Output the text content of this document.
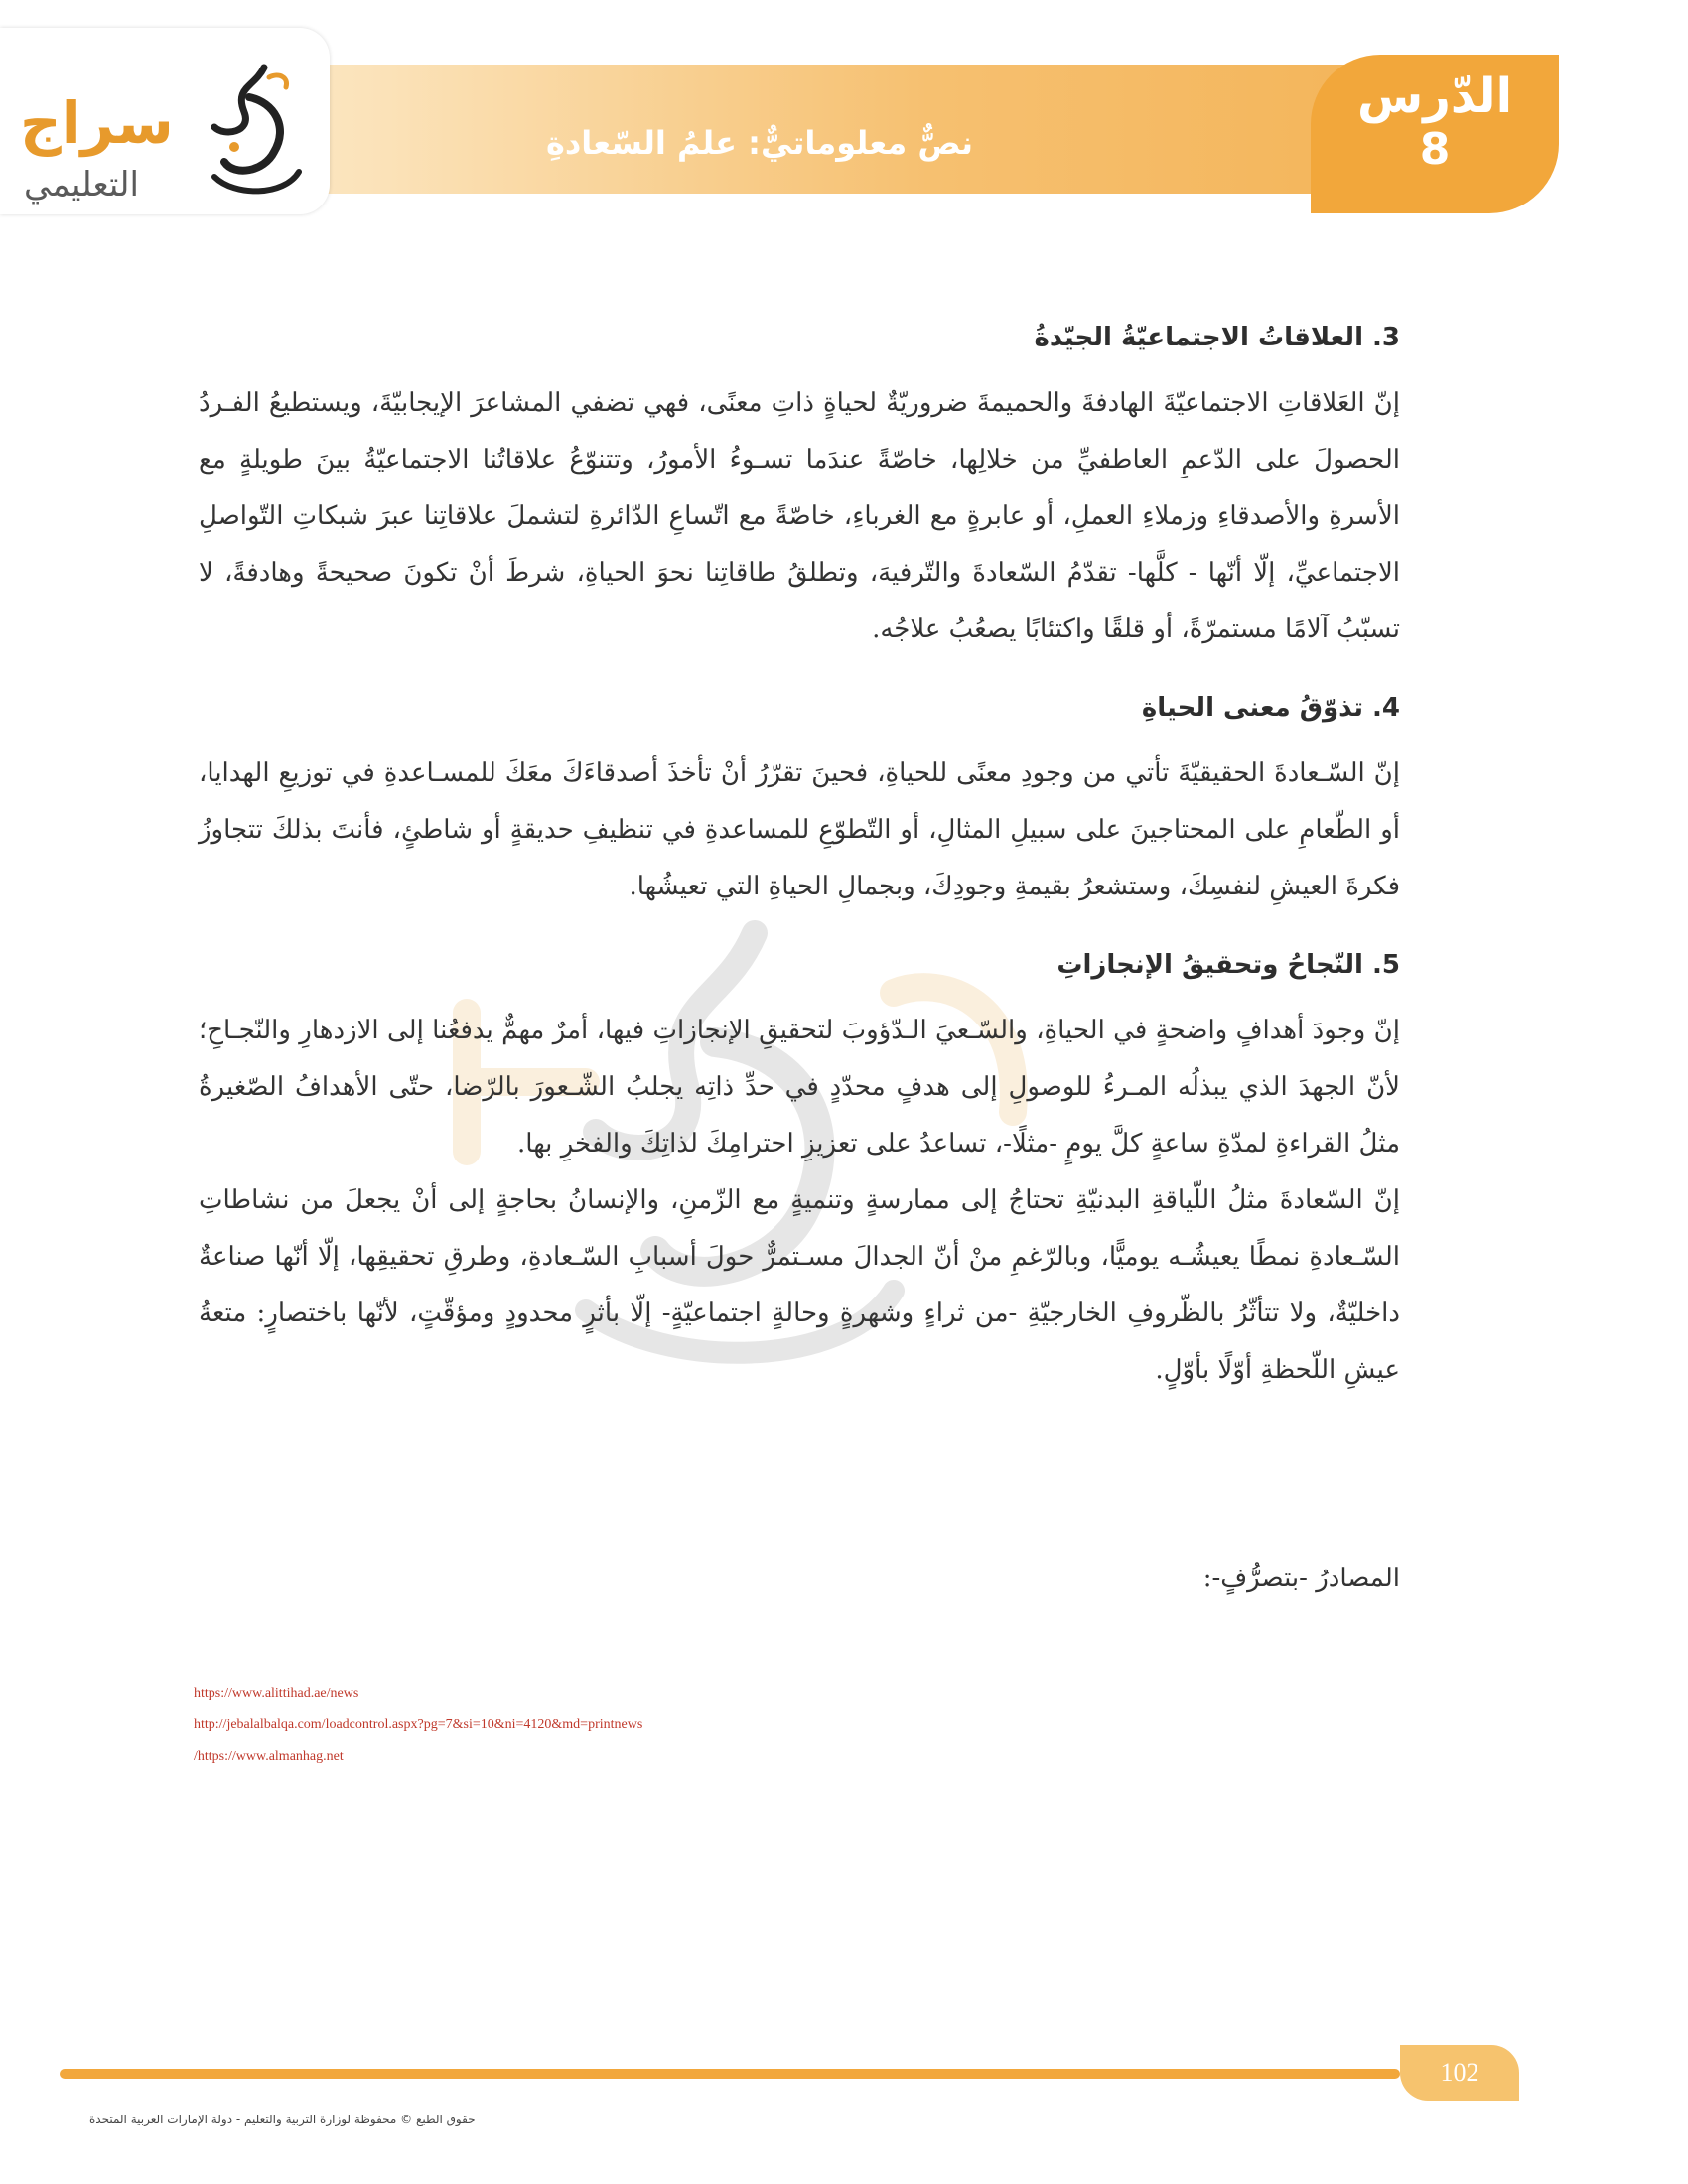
نصٌّ معلوماتيٌّ: علمُ السّعادةِ
الدّرس
8
سراج
التعليمي
3. العلاقاتُ الاجتماعيّةُ الجيّدةُ

إنّ العَلاقاتِ الاجتماعيّةَ الهادفةَ والحميمةَ ضروريّةٌ لحياةٍ ذاتِ معنًى، فهي تضفي المشاعرَ الإيجابيّةَ، ويستطيعُ الفـردُ الحصولَ على الدّعمِ العاطفيِّ من خلالِها، خاصّةً عندَما تسـوءُ الأمورُ، وتتنوّعُ علاقاتُنا الاجتماعيّةُ بينَ طويلةٍ مع الأسرةِ والأصدقاءِ وزملاءِ العملِ، أو عابرةٍ مع الغرباءِ، خاصّةً مع اتّساعِ الدّائرةِ لتشملَ علاقاتِنا عبرَ شبكاتِ التّواصلِ الاجتماعيِّ، إلّا أنّها - كلَّها- تقدّمُ السّعادةَ والتّرفيهَ، وتطلقُ طاقاتِنا نحوَ الحياةِ، شرطَ أنْ تكونَ صحيحةً وهادفةً، لا تسبّبُ آلامًا مستمرّةً، أو قلقًا واكتئابًا يصعُبُ علاجُه.

4. تذوّقُ معنى الحياةِ

إنّ السّـعادةَ الحقيقيّةَ تأتي من وجودِ معنًى للحياةِ، فحينَ تقرّرُ أنْ تأخذَ أصدقاءَكَ معَكَ للمسـاعدةِ في توزيعِ الهدايا، أو الطّعامِ على المحتاجينَ على سبيلِ المثالِ، أو التّطوّعِ للمساعدةِ في تنظيفِ حديقةٍ أو شاطئٍ، فأنتَ بذلكَ تتجاوزُ فكرةَ العيشِ لنفسِكَ، وستشعرُ بقيمةِ وجودِكَ، وبجمالِ الحياةِ التي تعيشُها.

5. النّجاحُ وتحقيقُ الإنجازاتِ

إنّ وجودَ أهدافٍ واضحةٍ في الحياةِ، والسّـعيَ الـدّؤوبَ لتحقيقِ الإنجازاتِ فيها، أمرٌ مهمٌّ يدفعُنا إلى الازدهارِ والنّجـاحِ؛ لأنّ الجهدَ الذي يبذلُه المـرءُ للوصولِ إلى هدفٍ محدّدٍ في حدِّ ذاتِه يجلبُ الشّـعورَ بالرّضا، حتّى الأهدافُ الصّغيرةُ مثلُ القراءةِ لمدّةِ ساعةٍ كلَّ يومٍ -مثلًا-، تساعدُ على تعزيزِ احترامِكَ لذاتِكَ والفخرِ بها.

إنّ السّعادةَ مثلُ اللّياقةِ البدنيّةِ تحتاجُ إلى ممارسةٍ وتنميةٍ مع الزّمنِ، والإنسانُ بحاجةٍ إلى أنْ يجعلَ من نشاطاتِ السّـعادةِ نمطًا يعيشُـه يوميًّا، وبالرّغمِ منْ أنّ الجدالَ مسـتمرٌّ حولَ أسبابِ السّـعادةِ، وطرقِ تحقيقِها، إلّا أنّها صناعةٌ داخليّةٌ، ولا تتأثّرُ بالظّروفِ الخارجيّةِ -من ثراءٍ وشهرةٍ وحالةٍ اجتماعيّةٍ- إلّا بأثرٍ محدودٍ ومؤقّتٍ، لأنّها باختصارٍ: متعةُ عيشِ اللّحظةِ أوّلًا بأوّلٍ.

المصادرُ -بتصرُّفٍ-:
https://www.alittihad.ae/news
http://jebalalbalqa.com/loadcontrol.aspx?pg=7&si=10&ni=4120&md=printnews
/https://www.almanhag.net
102
حقوق الطبع © محفوظة لوزارة التربية والتعليم - دولة الإمارات العربية المتحدة
